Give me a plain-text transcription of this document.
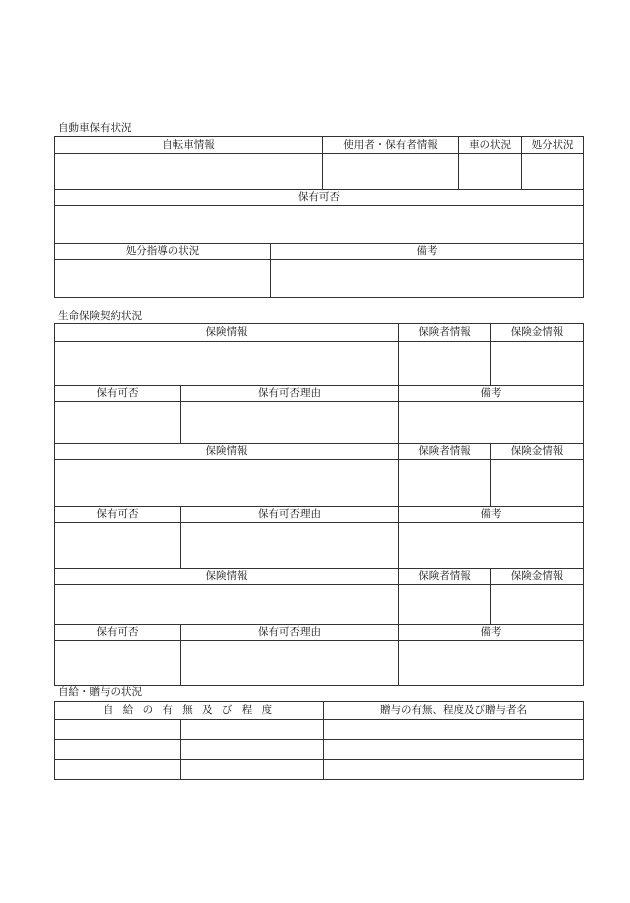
自動車保有状況
自転車情報		使用者・保有者情報	車の状況	処分状況

保有可否				

処分指導の状況	備考			

生命保険契約状況
保険情報		保険者情報	保険金情報

保有可否	保有可否理由	備考	

保険情報		保険者情報	保険金情報

保有可否	保有可否理由	備考	

保険情報		保険者情報	保険金情報

保有可否	保有可否理由	備考	

自給・贈与の状況
自 給 の 有 無 及 び 程 度		贈与の有無、程度及び贈与者名
